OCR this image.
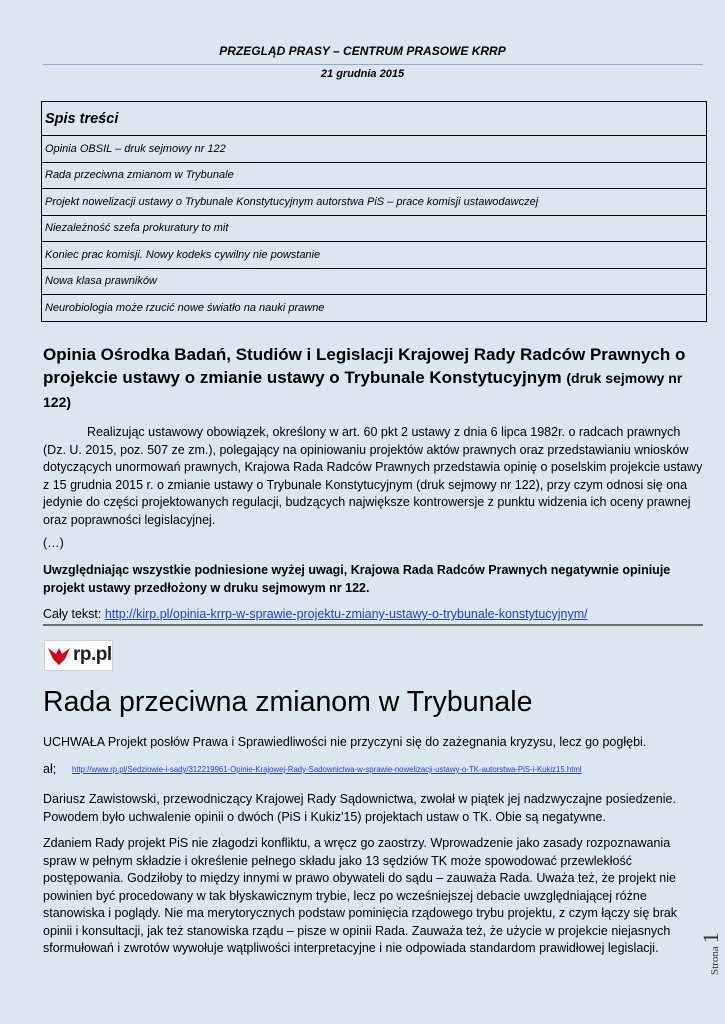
PRZEGLĄD PRASY – CENTRUM PRASOWE KRRP
21 grudnia 2015
Spis treści
Opinia OBSIL – druk sejmowy nr 122
Rada przeciwna zmianom w Trybunale
Projekt nowelizacji ustawy o Trybunale Konstytucyjnym autorstwa PiS – prace komisji ustawodawczej
Niezależność szefa prokuratury to mit
Koniec prac komisji. Nowy kodeks cywilny nie powstanie
Nowa klasa prawników
Neurobiologia może rzucić nowe światło na nauki prawne
Opinia Ośrodka Badań, Studiów i Legislacji Krajowej Rady Radców Prawnych o projekcie ustawy o zmianie ustawy o Trybunale Konstytucyjnym (druk sejmowy nr 122)
Realizując ustawowy obowiązek, określony w art. 60 pkt 2 ustawy z dnia 6 lipca 1982r. o radcach prawnych (Dz. U. 2015, poz. 507 ze zm.), polegający na opiniowaniu projektów aktów prawnych oraz przedstawianiu wniosków dotyczących unormowań prawnych, Krajowa Rada Radców Prawnych przedstawia opinię o poselskim projekcie ustawy z 15 grudnia 2015 r. o zmianie ustawy o Trybunale Konstytucyjnym (druk sejmowy nr 122), przy czym odnosi się ona jedynie do części projektowanych regulacji, budzących największe kontrowersje z punktu widzenia ich oceny prawnej oraz poprawności legislacyjnej.
(…)
Uwzględniając wszystkie podniesione wyżej uwagi, Krajowa Rada Radców Prawnych negatywnie opiniuje projekt ustawy przedłożony w druku sejmowym nr 122.
Cały tekst: http://kirp.pl/opinia-krrp-w-sprawie-projektu-zmiany-ustawy-o-trybunale-konstytucyjnym/
rp.pl
Rada przeciwna zmianom w Trybunale
UCHWAŁA Projekt posłów Prawa i Sprawiedliwości nie przyczyni się do zażegnania kryzysu, lecz go pogłębi.
ał; http://www.rp.pl/Sedziowie-i-sady/312219961-Opinie-Krajowej-Rady-Sadownictwa-w-sprawie-nowelizacji-ustawy-o-TK-autorstwa-PiS-i-Kukiz15.html
Dariusz Zawistowski, przewodniczący Krajowej Rady Sądownictwa, zwołał w piątek jej nadzwyczajne posiedzenie. Powodem było uchwalenie opinii o dwóch (PiS i Kukiz'15) projektach ustaw o TK. Obie są negatywne.
Zdaniem Rady projekt PiS nie złagodzi konfliktu, a wręcz go zaostrzy. Wprowadzenie jako zasady rozpoznawania spraw w pełnym składzie i określenie pełnego składu jako 13 sędziów TK może spowodować przewlekłość postępowania. Godziłoby to między innymi w prawo obywateli do sądu – zauważa Rada. Uważa też, że projekt nie powinien być procedowany w tak błyskawicznym trybie, lecz po wcześniejszej debacie uwzględniającej różne stanowiska i poglądy. Nie ma merytorycznych podstaw pominięcia rządowego trybu projektu, z czym łączy się brak opinii i konsultacji, jak też stanowiska rządu – pisze w opinii Rada. Zauważa też, że użycie w projekcie niejasnych sformułowań i zwrotów wywołuje wątpliwości interpretacyjne i nie odpowiada standardom prawidłowej legislacji.	Strona1
